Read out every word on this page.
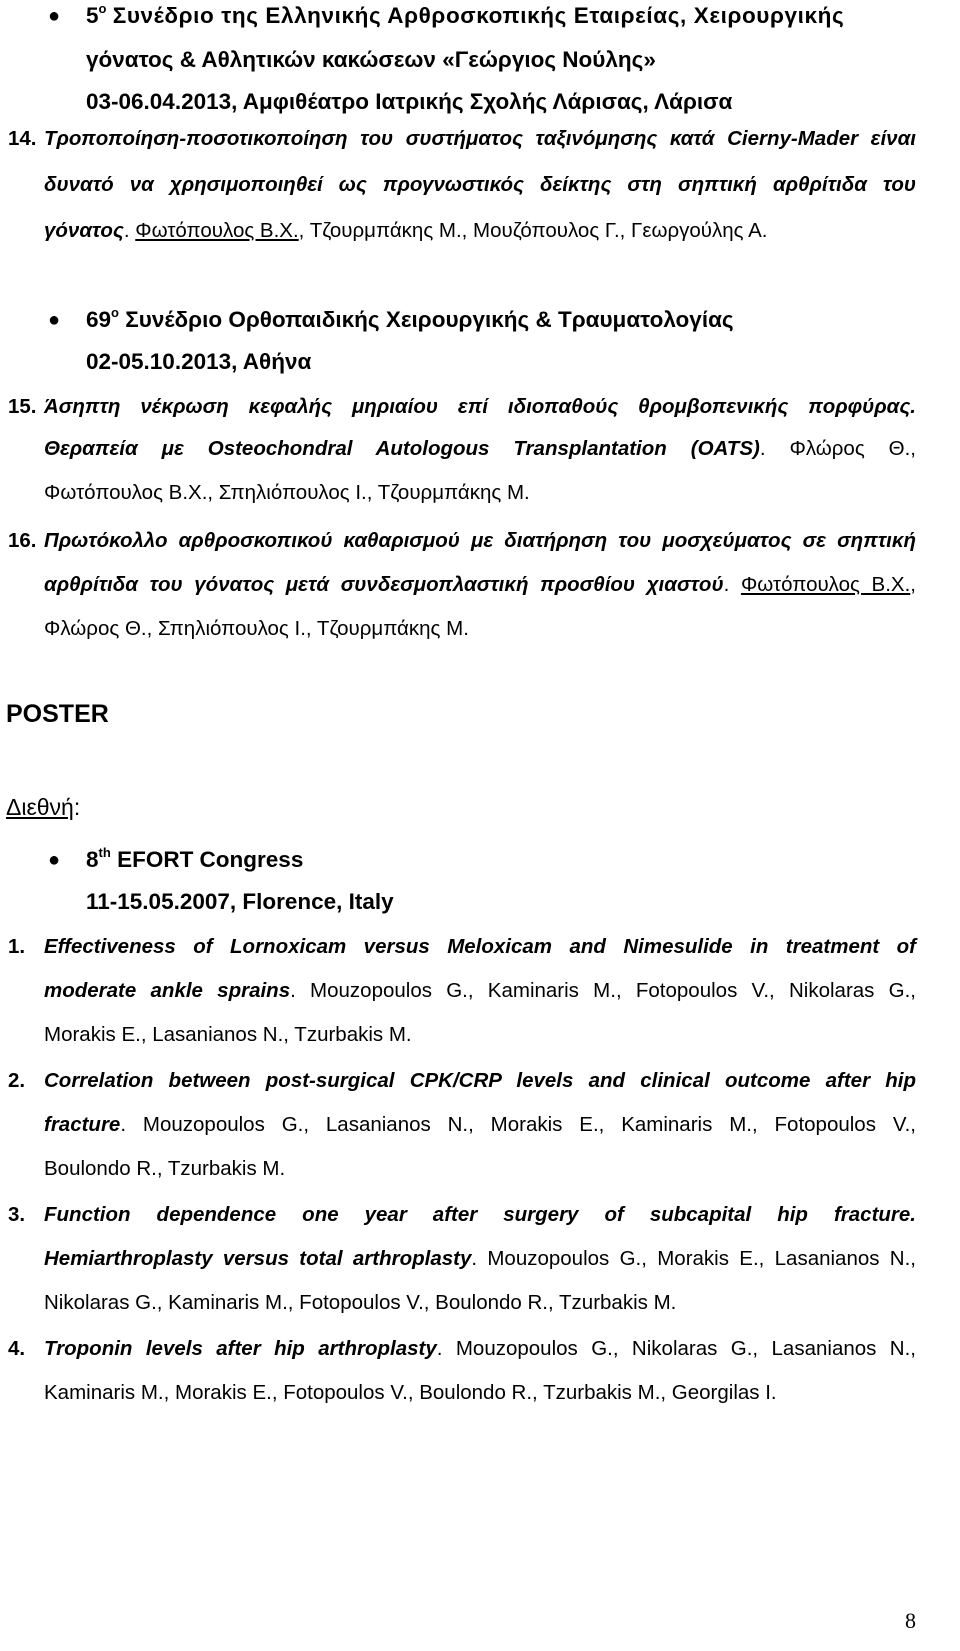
● $5^o$ Συνέδριο της Ελληνικής Αρθροσκοπικής Εταιρείας, Χειρουργικής
γόνατος & Αθλητικών κακώσεων «Γεώργιος Νούλης»
03-06.04.2013, Αμφιθέατρο Ιατρικής Σχολής Λάρισας, Λάρισα
14. Τροποποίηση-ποσοτικοποίηση του συστήματος ταξινόμησης κατά Cierny-Mader είναι
δυνατό να χρησιμοποιηθεί ως προγνωστικός δείκτης στη σηπτική αρθρίτιδα του
γόνατος. Φωτόπουλος Β.Χ., Τζουρμπάκης Μ., Μουζόπουλος Γ., Γεωργούλης Α.
● $69^o$ Συνέδριο Ορθοπαιδικής Χειρουργικής & Τραυματολογίας
02-05.10.2013, Αθήνα
15. Άσηπτη νέκρωση κεφαλής μηριαίου επί ιδιοπαθούς θρομβοπενικής πορφύρας.
Θεραπεία με Osteochondral Autologous Transplantation (OATS). Φλώρος Θ.,
Φωτόπουλος Β.Χ., Σπηλιόπουλος Ι., Τζουρμπάκης Μ.
16. Πρωτόκολλο αρθροσκοπικού καθαρισμού με διατήρηση του μοσχεύματος σε σηπτική
αρθρίτιδα του γόνατος μετά συνδεσμοπλαστική προσθίου χιαστού. Φωτόπουλος Β.Χ.,
Φλώρος Θ., Σπηλιόπουλος Ι., Τζουρμπάκης Μ.
POSTER
Διεθνή:
● 8th EFORT Congress
11-15.05.2007, Florence, Italy
1. Effectiveness of Lornoxicam versus Meloxicam and Nimesulide in treatment of
moderate ankle sprains. Mouzopoulos G., Kaminaris M., Fotopoulos V., Nikolaras G.,
Morakis E., Lasanianos N., Tzurbakis M.
2. Correlation between post-surgical CPK/CRP levels and clinical outcome after hip
fracture. Mouzopoulos G., Lasanianos N., Morakis E., Kaminaris M., Fotopoulos V.,
Boulondo R., Tzurbakis M.
3. Function dependence one year after surgery of subcapital hip fracture.
Hemiarthroplasty versus total arthroplasty. Mouzopoulos G., Morakis E., Lasanianos N.,
Nikolaras G., Kaminaris M., Fotopoulos V., Boulondo R., Tzurbakis M.
4. Troponin levels after hip arthroplasty. Mouzopoulos G., Nikolaras G., Lasanianos N.,
Kaminaris M., Morakis E., Fotopoulos V., Boulondo R., Tzurbakis M., Georgilas I.
8
